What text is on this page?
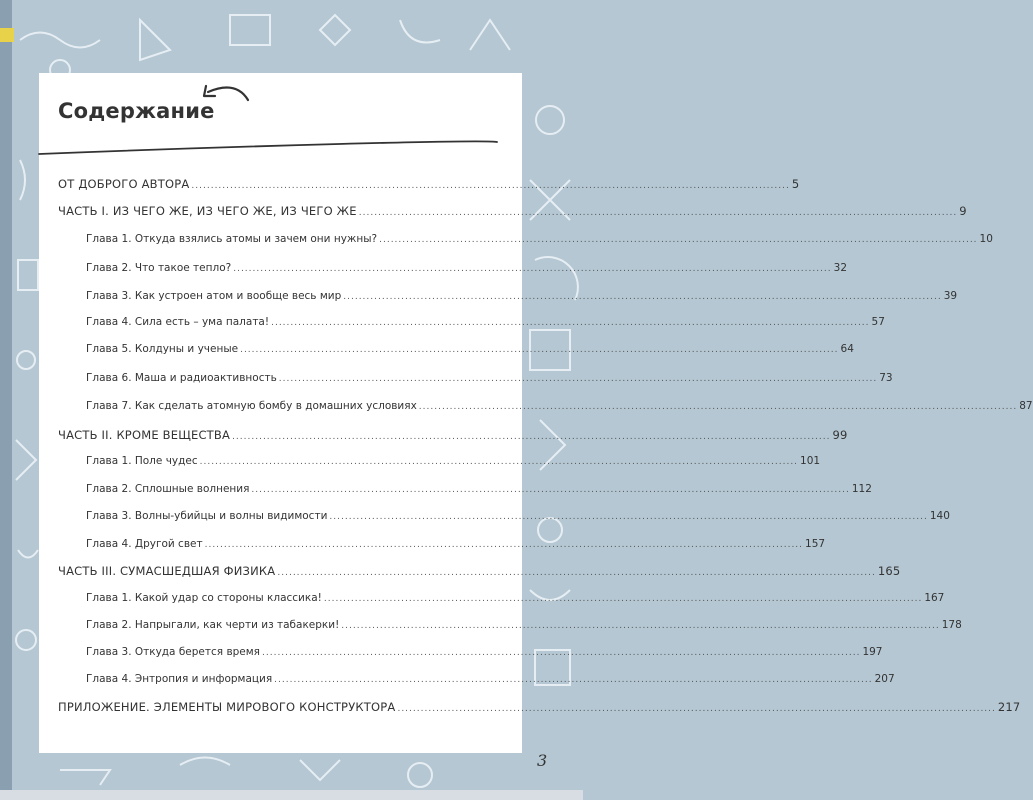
Содержание
ОТ ДОБРОГО АВТОРА ........................................................................................................................................................... 5
ЧАСТЬ I. ИЗ ЧЕГО ЖЕ, ИЗ ЧЕГО ЖЕ, ИЗ ЧЕГО ЖЕ ........................................................................................................................................................... 9
Глава 1. Откуда взялись атомы и зачем они нужны? ........................................................................................................................................................... 10
Глава 2. Что такое тепло? ........................................................................................................................................................... 32
Глава 3. Как устроен атом и вообще весь мир ........................................................................................................................................................... 39
Глава 4. Сила есть – ума палата! ........................................................................................................................................................... 57
Глава 5. Колдуны и ученые ........................................................................................................................................................... 64
Глава 6. Маша и радиоактивность ........................................................................................................................................................... 73
Глава 7. Как сделать атомную бомбу в домашних условиях ........................................................................................................................................................... 87
ЧАСТЬ II. КРОМЕ ВЕЩЕСТВА ........................................................................................................................................................... 99
Глава 1. Поле чудес ........................................................................................................................................................... 101
Глава 2. Сплошные волнения ........................................................................................................................................................... 112
Глава 3. Волны-убийцы и волны видимости ........................................................................................................................................................... 140
Глава 4. Другой свет ........................................................................................................................................................... 157
ЧАСТЬ III. СУМАСШЕДШАЯ ФИЗИКА ........................................................................................................................................................... 165
Глава 1. Какой удар со стороны классика! ........................................................................................................................................................... 167
Глава 2. Напрыгали, как черти из табакерки! ........................................................................................................................................................... 178
Глава 3. Откуда берется время ........................................................................................................................................................... 197
Глава 4. Энтропия и информация ........................................................................................................................................................... 207
ПРИЛОЖЕНИЕ. ЭЛЕМЕНТЫ МИРОВОГО КОНСТРУКТОРА ........................................................................................................................................................... 217
3
